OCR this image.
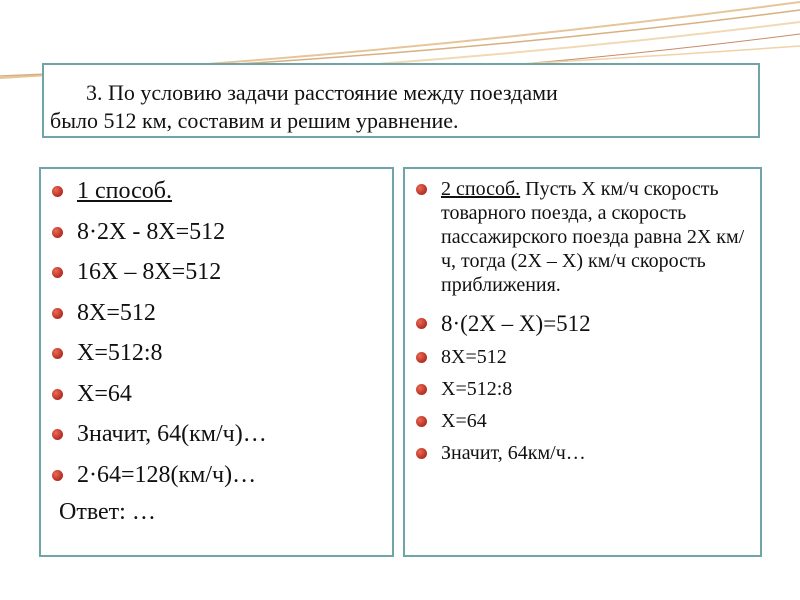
3. По условию задачи расстояние между поездами
было 512 км, составим и решим уравнение.
1 способ.
8·2X - 8X=512
16X – 8X=512
8X=512
X=512:8
X=64
Значит, 64(км/ч)…
2·64=128(км/ч)…
Ответ: …
2 способ. Пусть X км/ч скорость товарного поезда, а скорость пассажирского поезда равна 2X км/ч, тогда (2X – X) км/ч скорость приближения.
8·(2X – X)=512
8X=512
X=512:8
X=64
Значит, 64км/ч…
